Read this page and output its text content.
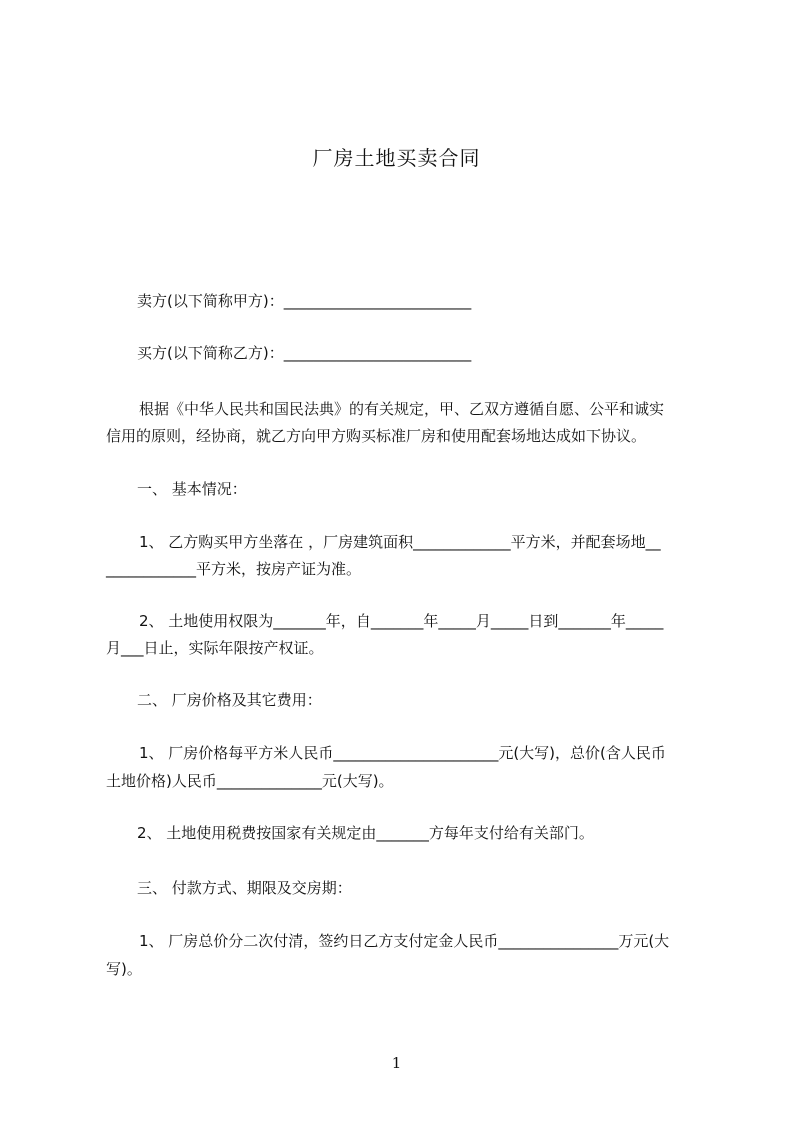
厂房土地买卖合同
卖方(以下简称甲方)：_________________________
买方(以下简称乙方)：_________________________
根据《中华人民共和国民法典》的有关规定，甲、乙双方遵循自愿、公平和诚实
信用的原则，经协商，就乙方向甲方购买标准厂房和使用配套场地达成如下协议。
一、 基本情况：
1、 乙方购买甲方坐落在 ，厂房建筑面积_____________平方米，并配套场地__
____________平方米，按房产证为准。
2、 土地使用权限为_______年，自_______年_____月_____日到_______年_____
月___日止，实际年限按产权证。
二、 厂房价格及其它费用：
1、 厂房价格每平方米人民币______________________元(大写)，总价(含人民币
土地价格)人民币______________元(大写)。
2、 土地使用税费按国家有关规定由_______方每年支付给有关部门。
三、 付款方式、期限及交房期：
1、 厂房总价分二次付清，签约日乙方支付定金人民币________________万元(大
写)。
1
